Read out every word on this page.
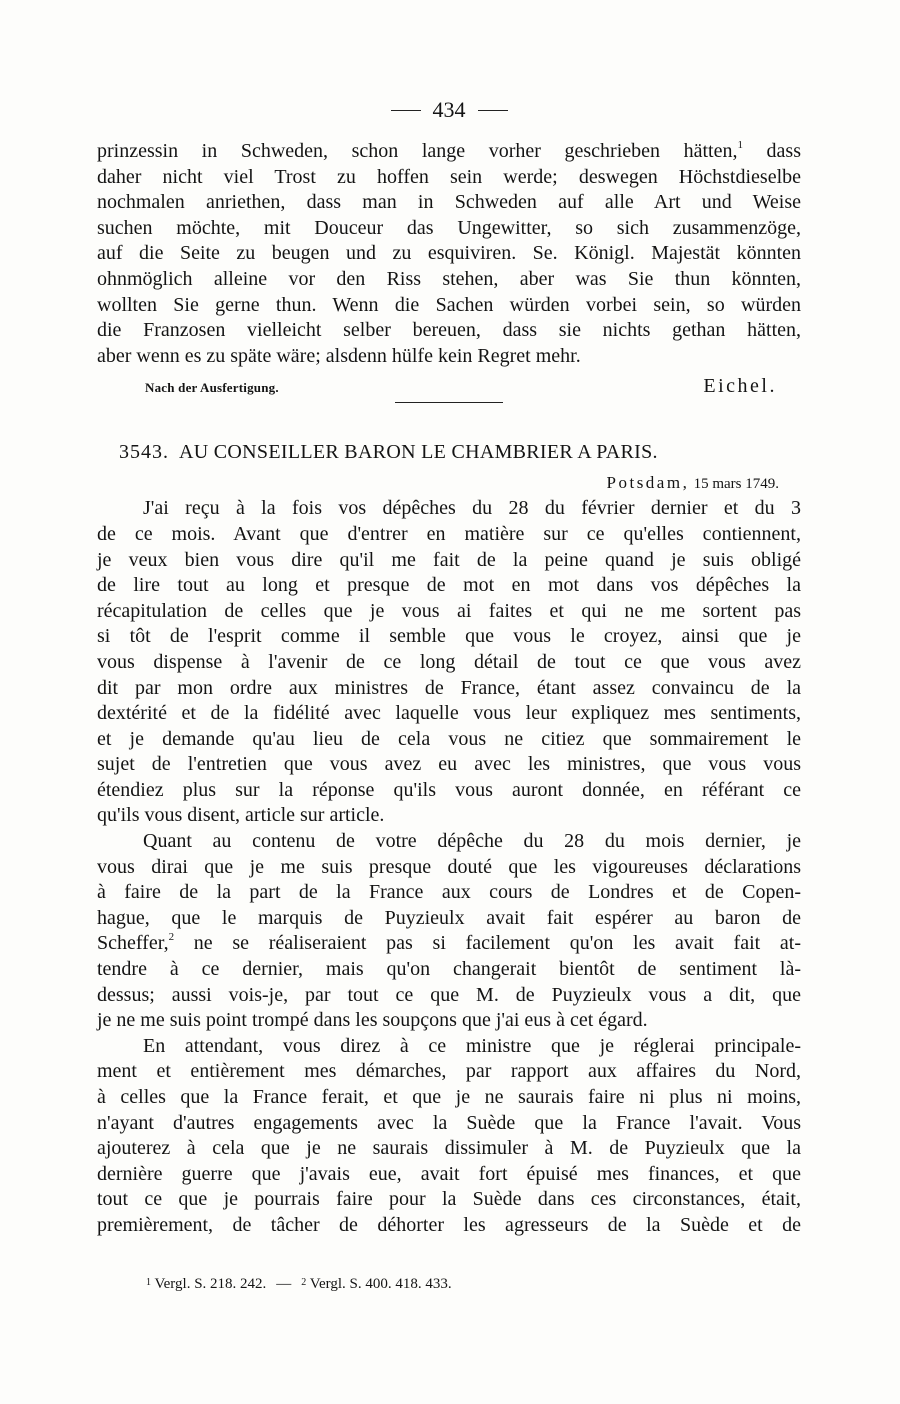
434

prinzessin in Schweden, schon lange vorher geschrieben hätten,$^1$ dass
daher nicht viel Trost zu hoffen sein werde; deswegen Höchstdieselbe
nochmalen anriethen, dass man in Schweden auf alle Art und Weise
suchen möchte, mit Douceur das Ungewitter, so sich zusammenzöge,
auf die Seite zu beugen und zu esquiviren. Se. Königl. Majestät könnten
ohnmöglich alleine vor den Riss stehen, aber was Sie thun könnten,
wollten Sie gerne thun. Wenn die Sachen würden vorbei sein, so würden
die Franzosen vielleicht selber bereuen, dass sie nichts gethan hätten,
aber wenn es zu späte wäre; alsdenn hülfe kein Regret mehr.

Nach der Ausfertigung.	Eichel.
3543. AU CONSEILLER BARON LE CHAMBRIER A PARIS.
Potsdam, 15 mars 1749.

J'ai reçu à la fois vos dépêches du 28 du février dernier et du 3
de ce mois. Avant que d'entrer en matière sur ce qu'elles contiennent,
je veux bien vous dire qu'il me fait de la peine quand je suis obligé
de lire tout au long et presque de mot en mot dans vos dépêches la
récapitulation de celles que je vous ai faites et qui ne me sortent pas
si tôt de l'esprit comme il semble que vous le croyez, ainsi que je
vous dispense à l'avenir de ce long détail de tout ce que vous avez
dit par mon ordre aux ministres de France, étant assez convaincu de la
dextérité et de la fidélité avec laquelle vous leur expliquez mes sentiments,
et je demande qu'au lieu de cela vous ne citiez que sommairement le
sujet de l'entretien que vous avez eu avec les ministres, que vous vous
étendiez plus sur la réponse qu'ils vous auront donnée, en référant ce
qu'ils vous disent, article sur article.

Quant au contenu de votre dépêche du 28 du mois dernier, je
vous dirai que je me suis presque douté que les vigoureuses déclarations
à faire de la part de la France aux cours de Londres et de Copen-
hague, que le marquis de Puyzieulx avait fait espérer au baron de
Scheffer,$^2$ ne se réaliseraient pas si facilement qu'on les avait fait at-
tendre à ce dernier, mais qu'on changerait bientôt de sentiment là-
dessus; aussi vois-je, par tout ce que M. de Puyzieulx vous a dit, que
je ne me suis point trompé dans les soupçons que j'ai eus à cet égard.

En attendant, vous direz à ce ministre que je réglerai principale-
ment et entièrement mes démarches, par rapport aux affaires du Nord,
à celles que la France ferait, et que je ne saurais faire ni plus ni moins,
n'ayant d'autres engagements avec la Suède que la France l'avait. Vous
ajouterez à cela que je ne saurais dissimuler à M. de Puyzieulx que la
dernière guerre que j'avais eue, avait fort épuisé mes finances, et que
tout ce que je pourrais faire pour la Suède dans ces circonstances, était,
premièrement, de tâcher de déhorter les agresseurs de la Suède et de

$^1$ Vergl. S. 218. 242. — $^2$ Vergl. S. 400. 418. 433.
